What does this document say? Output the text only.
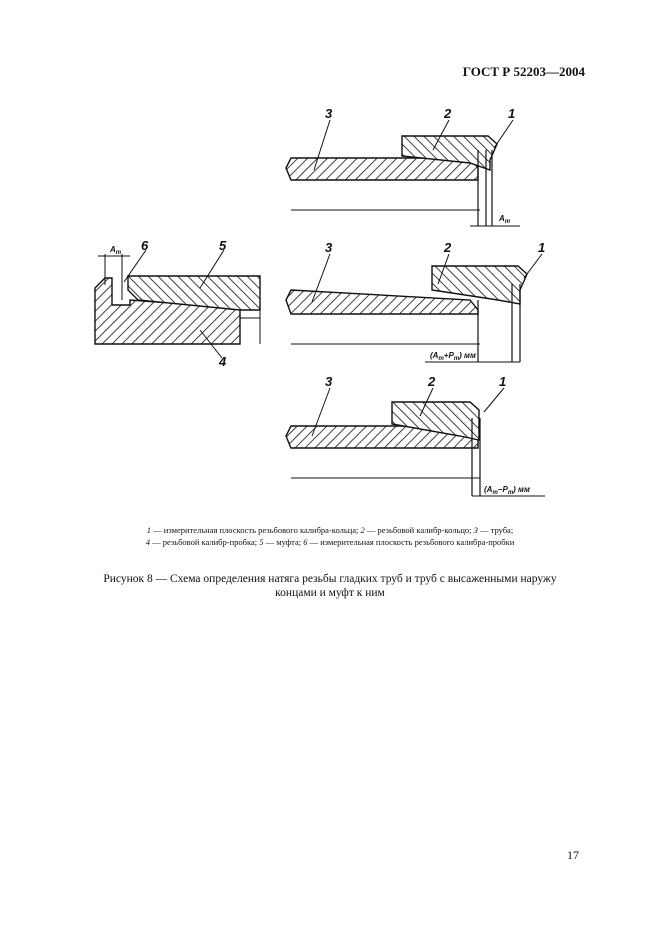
ГОСТ Р 52203—2004
3	2	1
$A_т$
$A_т$ 6	5
4
3	2	1
$(A_т+P_т)$ мм
3	2	1
$(A_т-P_т)$ мм
1 — измерительная плоскость резьбового калибра-кольца; 2 — резьбовой калибр-кольцо; 3 — труба;
4 — резьбовой калибр-пробка; 5 — муфта; 6 — измерительная плоскость резьбового калибра-пробки
Рисунок 8 — Схема определения натяга резьбы гладких труб и труб с высаженными наружу
концами и муфт к ним
17
